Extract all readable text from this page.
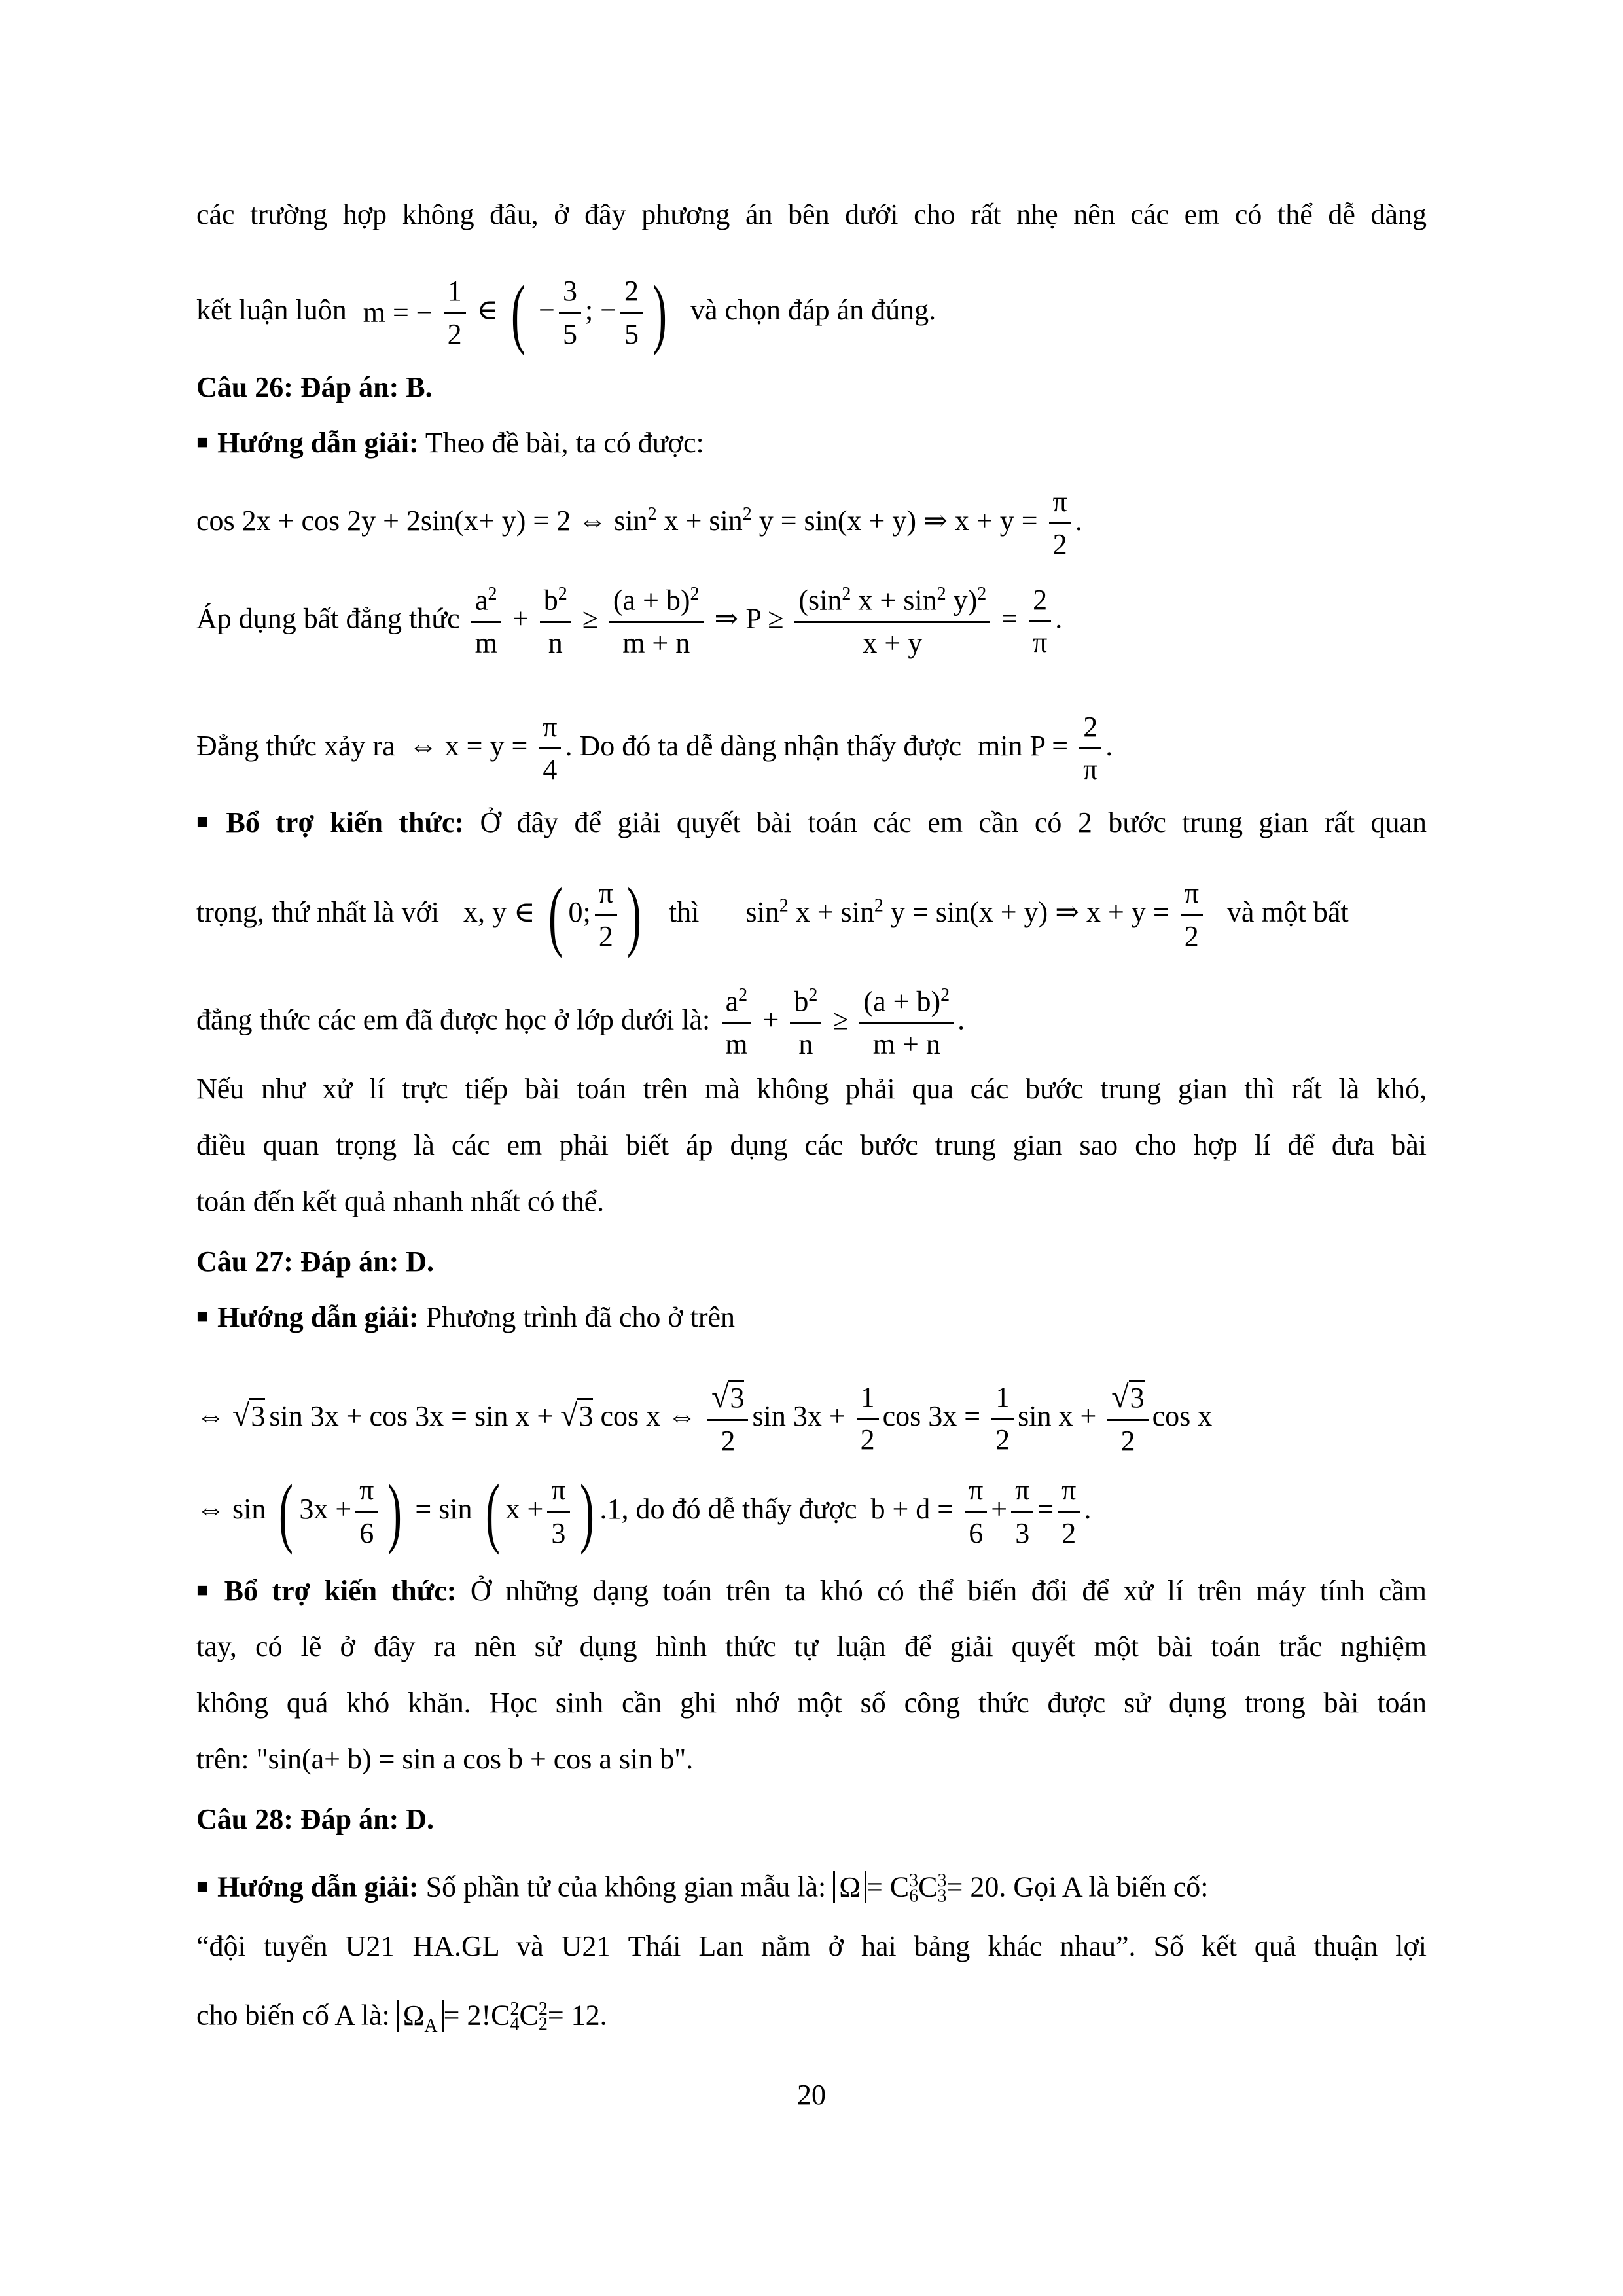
các trường hợp không đâu, ở đây phương án bên dưới cho rất nhẹ nên các em có thể dễ dàng
kết luận luôn m = − $\frac{1}{2}$ ∈ ( − $\frac{3}{5}$ ; − $\frac{2}{5}$ ) và chọn đáp án đúng.
Câu 26: Đáp án: B.
■ Hướng dẫn giải: Theo đề bài, ta có được:
cos 2x + cos 2y + 2sin(x+ y) = 2 ⇔ $\sin^2 x + \sin^2 y = \sin(x + y)$ ⇒ $x + y = \frac{\pi}{2}$ .
Áp dụng bất đẳng thức $\frac{a^2}{m} + \frac{b^2}{n} \ge \frac{(a + b)^2}{m + n}$ ⇒ $P \ge \frac{(\sin^2 x + \sin^2 y)^2}{x + y} = \frac{2}{\pi}$ .
Đẳng thức xảy ra ⇔ $x = y = \frac{\pi}{4}$ . Do đó ta dễ dàng nhận thấy được $\min P = \frac{2}{\pi}$ .
■ Bổ trợ kiến thức: Ở đây để giải quyết bài toán các em cần có 2 bước trung gian rất quan
trọng, thứ nhất là với x, y ∈ ( 0; $\frac{\pi}{2}$ ) thì $\sin^2 x + \sin^2 y = \sin(x + y)$ ⇒ $x + y = \frac{\pi}{2}$ và một bất
đẳng thức các em đã được học ở lớp dưới là: $\frac{a^2}{m} + \frac{b^2}{n} \ge \frac{(a + b)^2}{m + n}$ .
Nếu như xử lí trực tiếp bài toán trên mà không phải qua các bước trung gian thì rất là khó,
điều quan trọng là các em phải biết áp dụng các bước trung gian sao cho hợp lí để đưa bài
toán đến kết quả nhanh nhất có thể.
Câu 27: Đáp án: D.
■ Hướng dẫn giải: Phương trình đã cho ở trên
⇔ √3 sin 3x + cos 3x = sin x + √3 cos x ⇔ $\frac{√3}{2}$ $\sin 3x + \frac{1}{2}$ $\cos 3x = \frac{1}{2}$ $\sin x + \frac{√3}{2}$ cos x
⇔ sin ( $3x + \frac{\pi}{6}$ ) = sin ( $x + \frac{\pi}{3}$ ) .1, do đó dễ thấy được $b + d = \frac{\pi}{6} + \frac{\pi}{3} = \frac{\pi}{2}$ .
■ Bổ trợ kiến thức: Ở những dạng toán trên ta khó có thể biến đổi để xử lí trên máy tính cầm
tay, có lẽ ở đây ra nên sử dụng hình thức tự luận để giải quyết một bài toán trắc nghiệm
không quá khó khăn. Học sinh cần ghi nhớ một số công thức được sử dụng trong bài toán
trên: "sin(a+ b) = sin a cos b + cos a sin b".
Câu 28: Đáp án: D.
■ Hướng dẫn giải: Số phần tử của không gian mẫu là: $\Omega = C_6^3C_3^3= 20$. Gọi A là biến cố:
“đội tuyển U21 HA.GL và U21 Thái Lan nằm ở hai bảng khác nhau”. Số kết quả thuận lợi
cho biến cố A là: $\Omega_A = 2!C_4^2C_2^2= 12$.
20
